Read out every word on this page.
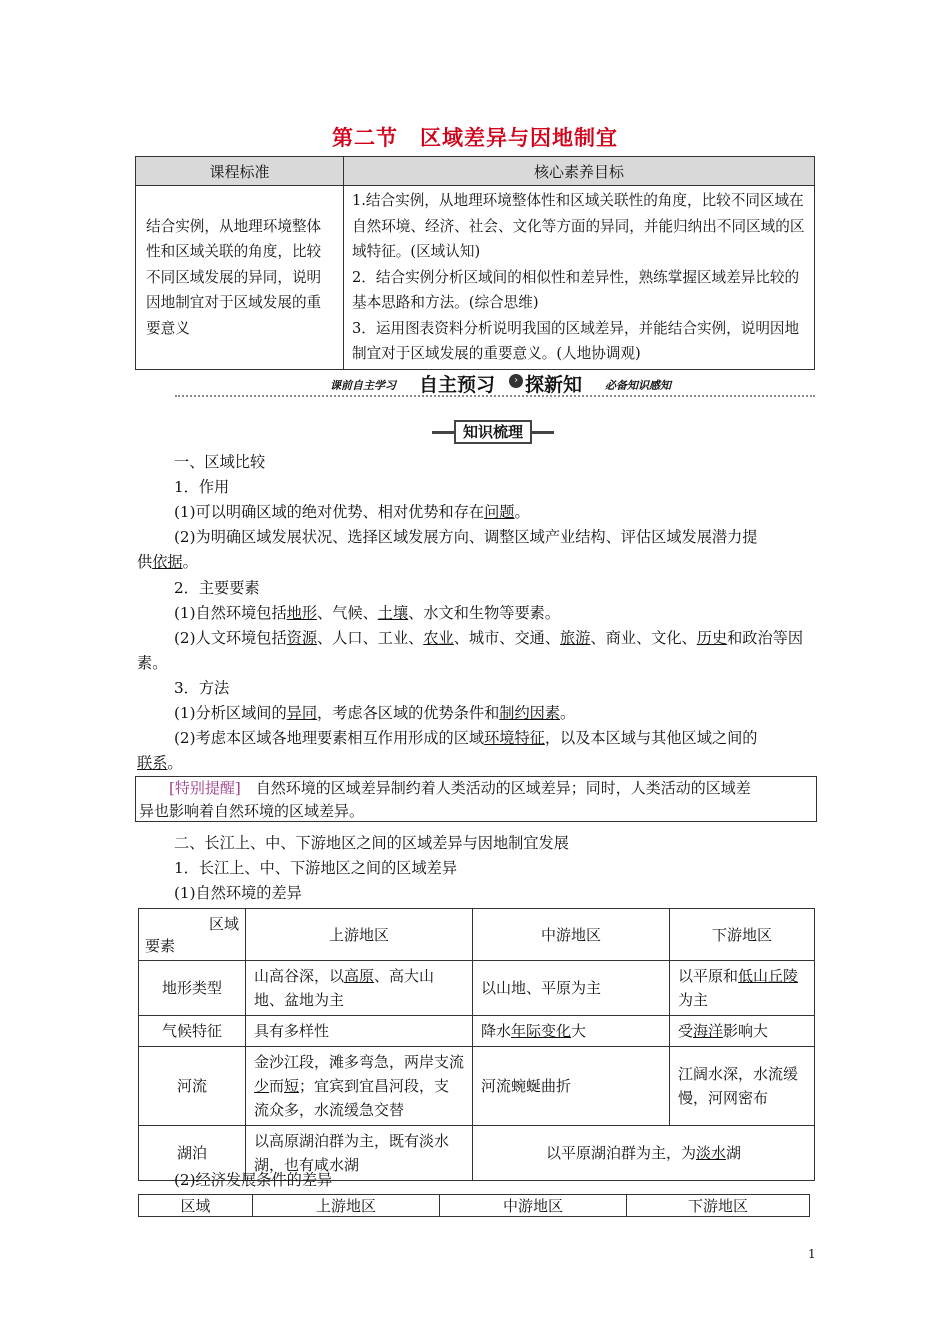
第二节　区域差异与因地制宜
课程标准	核心素养目标
结合实例，从地理环境整体性和区域关联的角度，比较不同区域发展的异同，说明因地制宜对于区域发展的重要意义	1.结合实例，从地理环境整体性和区域关联性的角度，比较不同区域在自然环境、经济、社会、文化等方面的异同，并能归纳出不同区域的区域特征。(区域认知)
2．结合实例分析区域间的相似性和差异性，熟练掌握区域差异比较的基本思路和方法。(综合思维)
3．运用图表资料分析说明我国的区域差异，并能结合实例，说明因地制宜对于区域发展的重要意义。(人地协调观)
课前自主学习 自主预习	› 探新知 必备知识感知
知识梳理
一、区域比较
1．作用
(1)可以明确区域的绝对优势、相对优势和存在问题。
(2)为明确区域发展状况、选择区域发展方向、调整区域产业结构、评估区域发展潜力提
供依据。
2．主要要素
(1)自然环境包括地形、气候、土壤、水文和生物等要素。
(2)人文环境包括资源、人口、工业、农业、城市、交通、旅游、商业、文化、历史和政治等因
素。
3．方法
(1)分析区域间的异同，考虑各区域的优势条件和制约因素。
(2)考虑本区域各地理要素相互作用形成的区域环境特征，以及本区域与其他区域之间的
联系。
　　[特别提醒]　自然环境的区域差异制约着人类活动的区域差异；同时，人类活动的区域差
异也影响着自然环境的区域差异。
二、长江上、中、下游地区之间的区域差异与因地制宜发展
1．长江上、中、下游地区之间的区域差异
(1)自然环境的差异
区域
要素	上游地区	中游地区	下游地区
地形类型	山高谷深，以高原、高大山地、盆地为主	以山地、平原为主	以平原和低山丘陵为主
气候特征	具有多样性	降水年际变化大	受海洋影响大
河流	金沙江段，滩多弯急，两岸支流少而短；宜宾到宜昌河段，支流众多，水流缓急交替	河流蜿蜒曲折	江阔水深，水流缓慢，河网密布
湖泊	以高原湖泊群为主，既有淡水湖，也有咸水湖	以平原湖泊群为主，为淡水湖	
(2)经济发展条件的差异
区域	上游地区	中游地区	下游地区
1
